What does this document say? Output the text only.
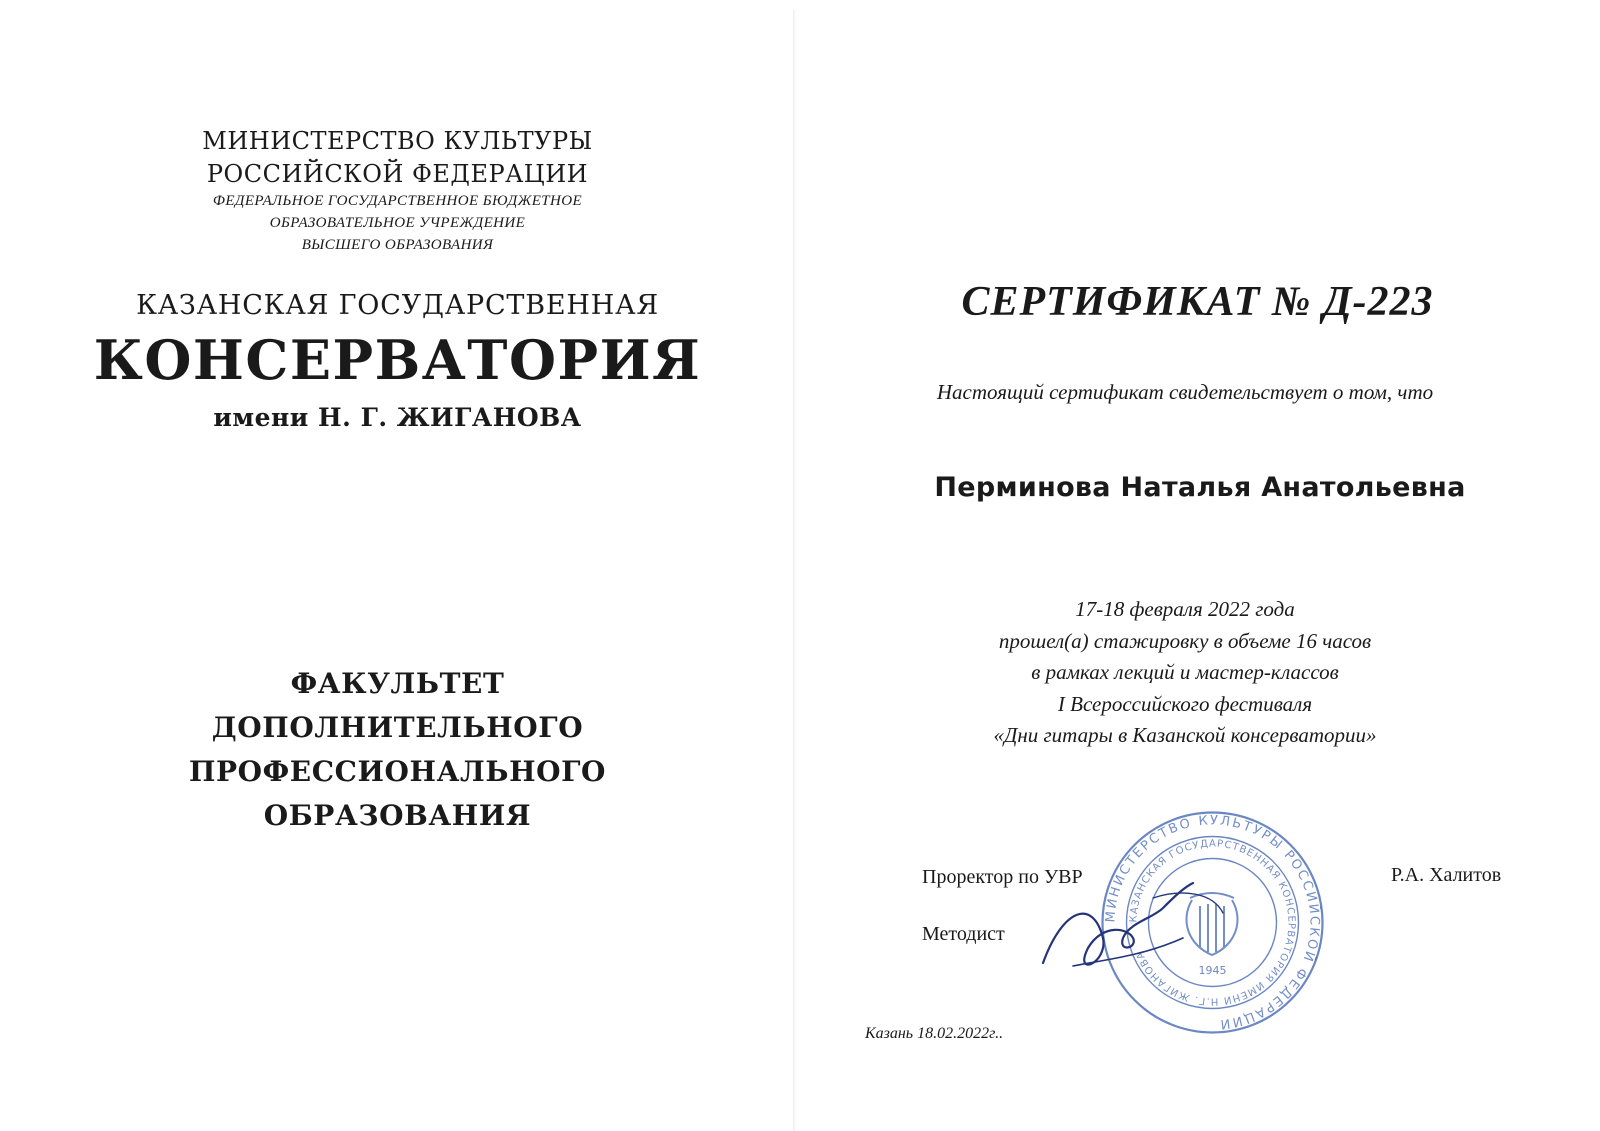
МИНИСТЕРСТВО КУЛЬТУРЫ
РОССИЙСКОЙ ФЕДЕРАЦИИ
ФЕДЕРАЛЬНОЕ ГОСУДАРСТВЕННОЕ БЮДЖЕТНОЕ
ОБРАЗОВАТЕЛЬНОЕ УЧРЕЖДЕНИЕ
ВЫСШЕГО ОБРАЗОВАНИЯ
КАЗАНСКАЯ ГОСУДАРСТВЕННАЯ
КОНСЕРВАТОРИЯ
имени Н. Г. ЖИГАНОВА
ФАКУЛЬТЕТ
ДОПОЛНИТЕЛЬНОГО
ПРОФЕССИОНАЛЬНОГО
ОБРАЗОВАНИЯ
СЕРТИФИКАТ № Д-223
Настоящий сертификат свидетельствует о том, что
Перминова Наталья Анатольевна
17-18 февраля 2022 года
прошел(а) стажировку в объеме 16 часов
в рамках лекций и мастер-классов
I Всероссийского фестиваля
«Дни гитары в Казанской консерватории»
Проректор по УВР	Р.А. Халитов
Методист
МИНИСТЕРСТВО КУЛЬТУРЫ РОССИЙСКОЙ ФЕДЕРАЦИИ
КАЗАНСКАЯ ГОСУДАРСТВЕННАЯ КОНСЕРВАТОРИЯ ИМЕНИ Н.Г. ЖИГАНОВА
1945
Казань 18.02.2022г..
